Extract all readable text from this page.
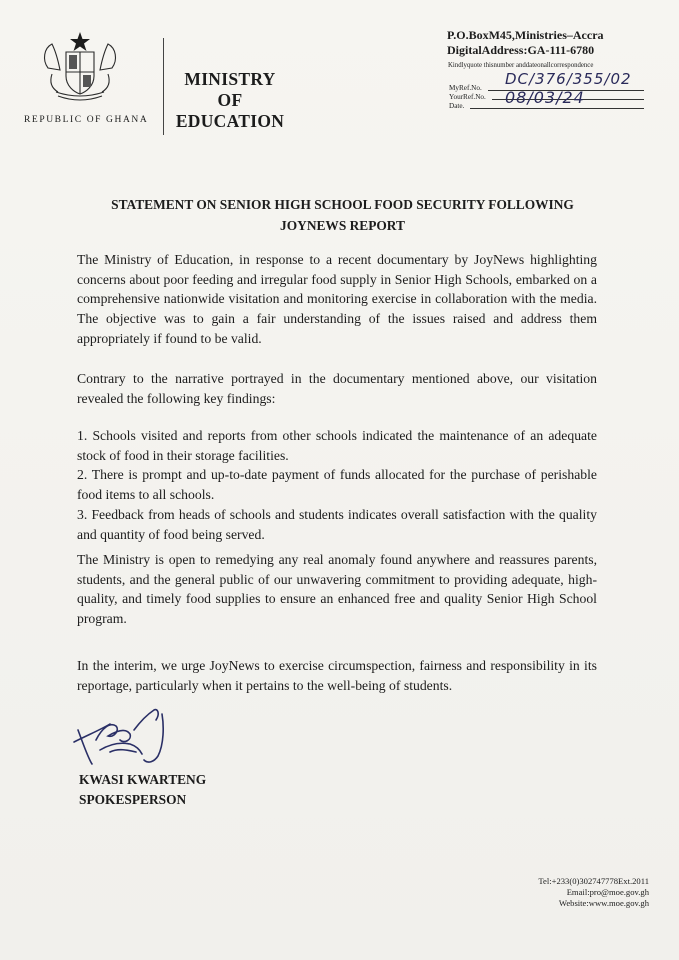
REPUBLIC OF GHANA
MINISTRY
OF
EDUCATION
P.O.BoxM45,Ministries–Accra
DigitalAddress:GA-111-6780
Kindlyquote thisnumber anddateonallcorrespondence
MyRef.No. DC/376/355/02
YourRef.No.
Date.	08/03/24
STATEMENT ON SENIOR HIGH SCHOOL FOOD SECURITY FOLLOWING
JOYNEWS REPORT

The Ministry of Education, in response to a recent documentary by JoyNews highlighting concerns about poor feeding and irregular food supply in Senior High Schools, embarked on a comprehensive nationwide visitation and monitoring exercise in collaboration with the media. The objective was to gain a fair understanding of the issues raised and address them appropriately if found to be valid.

Contrary to the narrative portrayed in the documentary mentioned above, our visitation revealed the following key findings:

1. Schools visited and reports from other schools indicated the maintenance of an adequate stock of food in their storage facilities.

2. There is prompt and up-to-date payment of funds allocated for the purchase of perishable food items to all schools.

3. Feedback from heads of schools and students indicates overall satisfaction with the quality and quantity of food being served.

The Ministry is open to remedying any real anomaly found anywhere and reassures parents, students, and the general public of our unwavering commitment to providing adequate, high-quality, and timely food supplies to ensure an enhanced free and quality Senior High School program.

In the interim, we urge JoyNews to exercise circumspection, fairness and responsibility in its reportage, particularly when it pertains to the well-being of students.

KWASI KWARTENG
SPOKESPERSON
Tel:+233(0)302747778Ext.2011
Email:pro@moe.gov.gh
Website:www.moe.gov.gh
